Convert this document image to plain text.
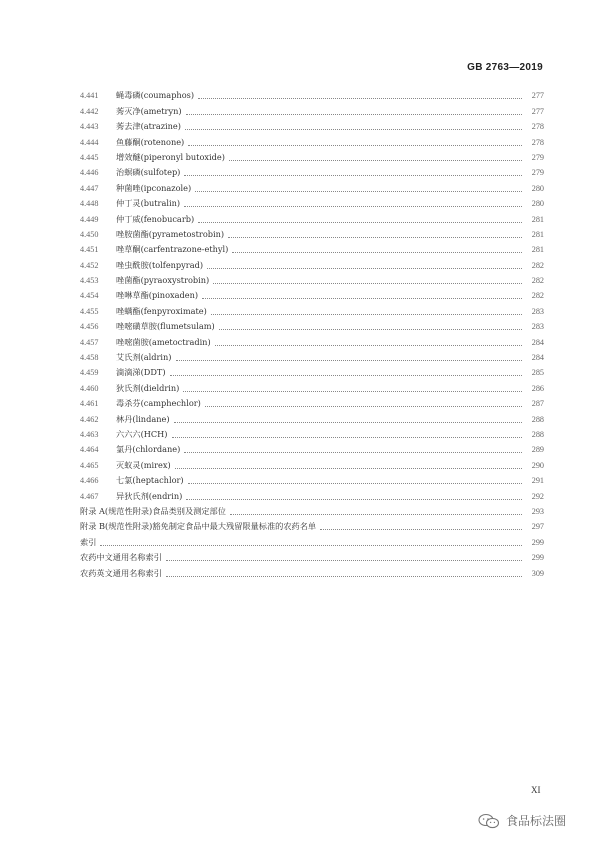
GB 2763—2019
4.441	蝇毒磷(coumaphos)	277
4.442	莠灭净(ametryn)	277
4.443	莠去津(atrazine)	278
4.444	鱼藤酮(rotenone)	278
4.445	增效醚(piperonyl butoxide)	279
4.446	治螟磷(sulfotep)	279
4.447	种菌唑(ipconazole)	280
4.448	仲丁灵(butralin)	280
4.449	仲丁威(fenobucarb)	281
4.450	唑胺菌酯(pyrametostrobin)	281
4.451	唑草酮(carfentrazone-ethyl)	281
4.452	唑虫酰胺(tolfenpyrad)	282
4.453	唑菌酯(pyraoxystrobin)	282
4.454	唑啉草酯(pinoxaden)	282
4.455	唑螨酯(fenpyroximate)	283
4.456	唑嘧磺草胺(flumetsulam)	283
4.457	唑嘧菌胺(ametoctradin)	284
4.458	艾氏剂(aldrin)	284
4.459	滴滴涕(DDT)	285
4.460	狄氏剂(dieldrin)	286
4.461	毒杀芬(camphechlor)	287
4.462	林丹(lindane)	288
4.463	六六六(HCH)	288
4.464	氯丹(chlordane)	289
4.465	灭蚁灵(mirex)	290
4.466	七氯(heptachlor)	291
4.467	异狄氏剂(endrin)	292
附录 A(规范性附录)食品类别及测定部位	293
附录 B(规范性附录)豁免制定食品中最大残留限量标准的农药名单	297
索引	299
农药中文通用名称索引	299
农药英文通用名称索引	309
XI
食品标法圈
